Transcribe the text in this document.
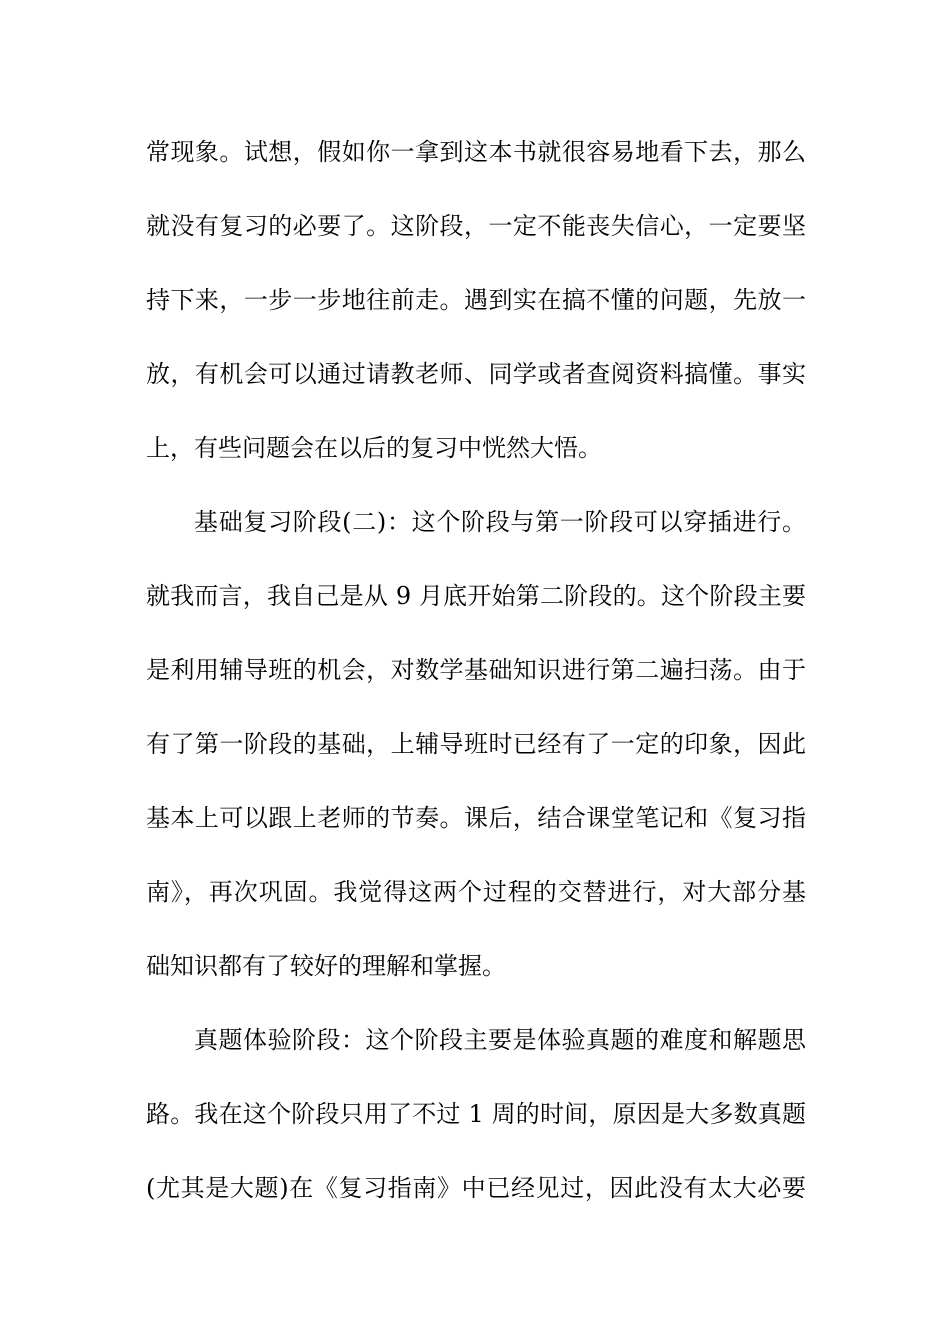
常现象。试想，假如你一拿到这本书就很容易地看下去，那么
就没有复习的必要了。这阶段，一定不能丧失信心，一定要坚
持下来，一步一步地往前走。遇到实在搞不懂的问题，先放一
放，有机会可以通过请教老师、同学或者查阅资料搞懂。事实
上，有些问题会在以后的复习中恍然大悟。
基础复习阶段(二)：这个阶段与第一阶段可以穿插进行。
就我而言，我自己是从 9 月底开始第二阶段的。这个阶段主要
是利用辅导班的机会，对数学基础知识进行第二遍扫荡。由于
有了第一阶段的基础，上辅导班时已经有了一定的印象，因此
基本上可以跟上老师的节奏。课后，结合课堂笔记和《复习指
南》，再次巩固。我觉得这两个过程的交替进行，对大部分基
础知识都有了较好的理解和掌握。
真题体验阶段：这个阶段主要是体验真题的难度和解题思
路。我在这个阶段只用了不过 1 周的时间，原因是大多数真题
(尤其是大题)在《复习指南》中已经见过，因此没有太大必要
